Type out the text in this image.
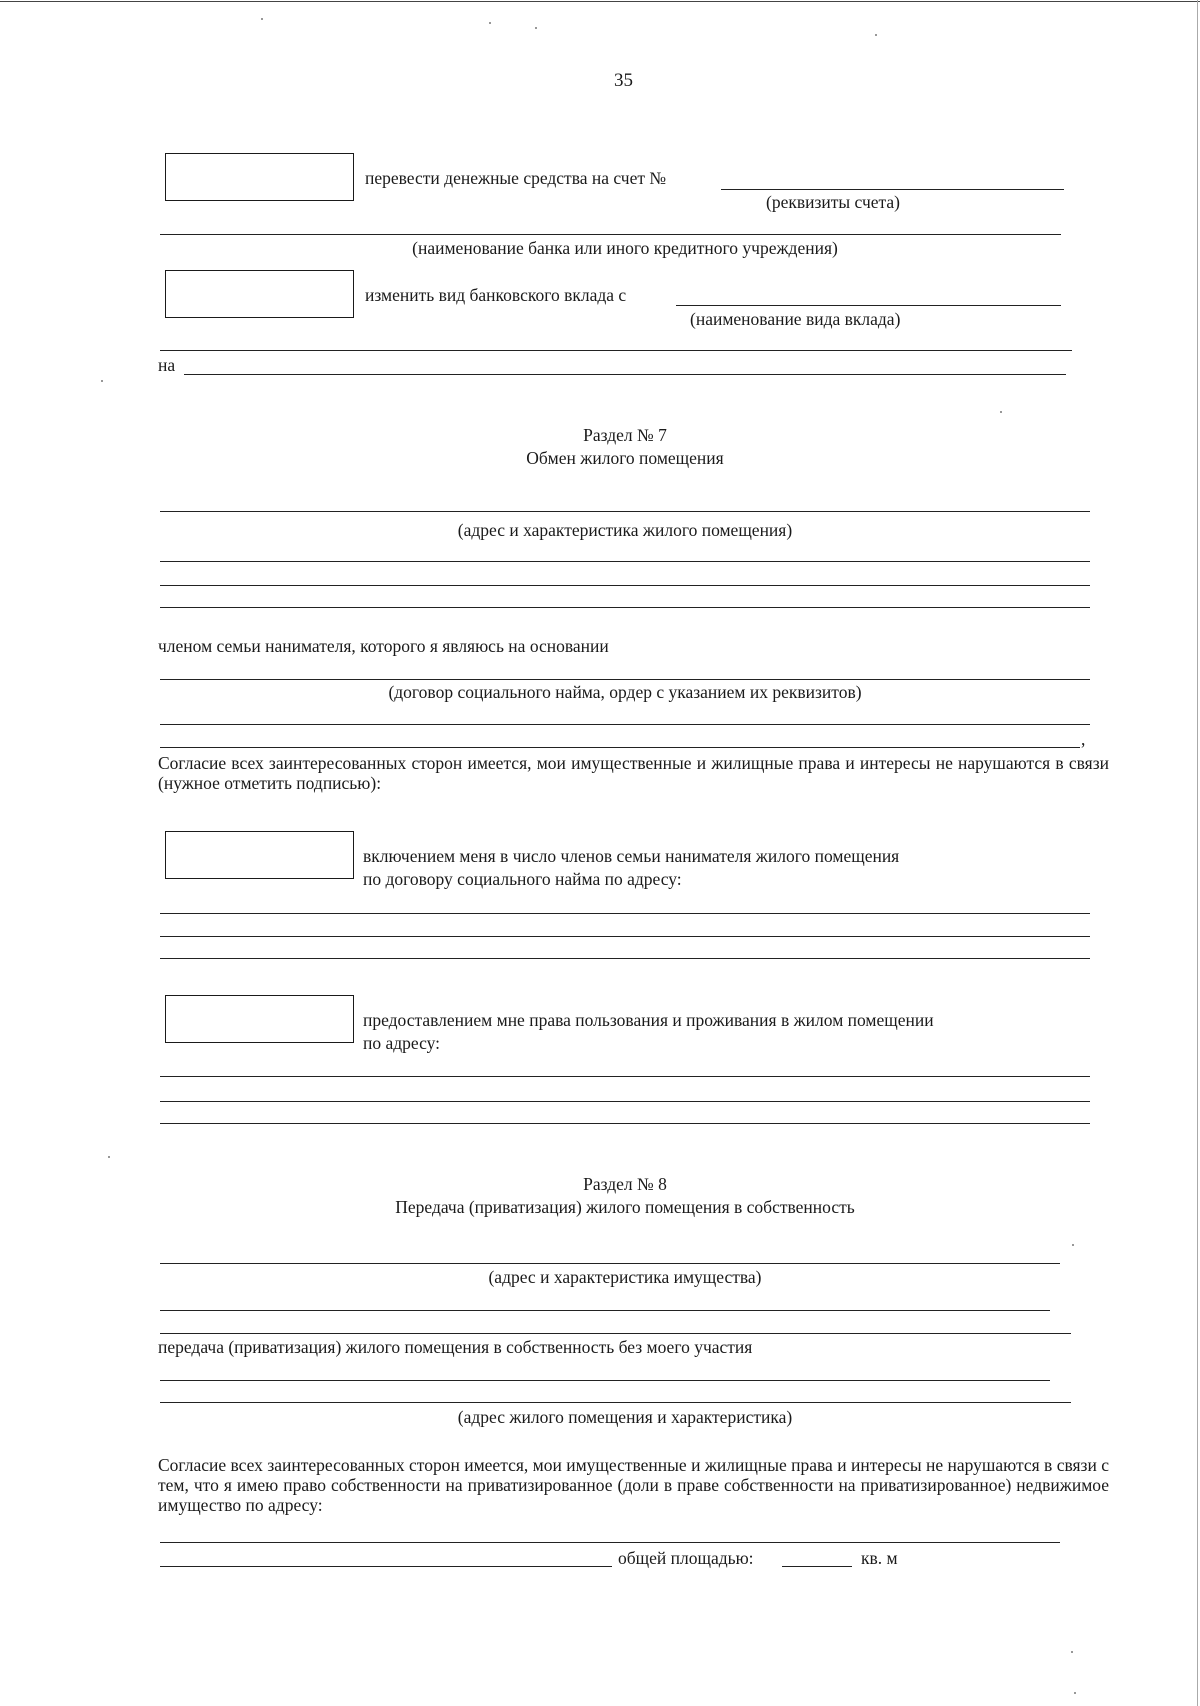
35
перевести денежные средства на счет №
(реквизиты счета)
(наименование банка или иного кредитного учреждения)
изменить вид банковского вклада с
(наименование вида вклада)
на
Раздел № 7
Обмен жилого помещения
(адрес и характеристика жилого помещения)
членом семьи нанимателя, которого я являюсь на основании
(договор социального найма, ордер с указанием их реквизитов)
,
Согласие всех заинтересованных сторон имеется, мои имущественные и жилищные права и интересы не нарушаются в связи (нужное отметить подписью):
включением меня в число членов семьи нанимателя жилого помещения
по договору социального найма по адресу:
предоставлением мне права пользования и проживания в жилом помещении
по адресу:
Раздел № 8
Передача (приватизация) жилого помещения в собственность
(адрес и характеристика имущества)
передача (приватизация) жилого помещения в собственность без моего участия
(адрес жилого помещения и характеристика)
Согласие всех заинтересованных сторон имеется, мои имущественные и жилищные права и интересы не нарушаются в связи с тем, что я имею право собственности на приватизированное (доли в праве собственности на приватизированное) недвижимое имущество по адресу:
общей площадью:	кв. м
